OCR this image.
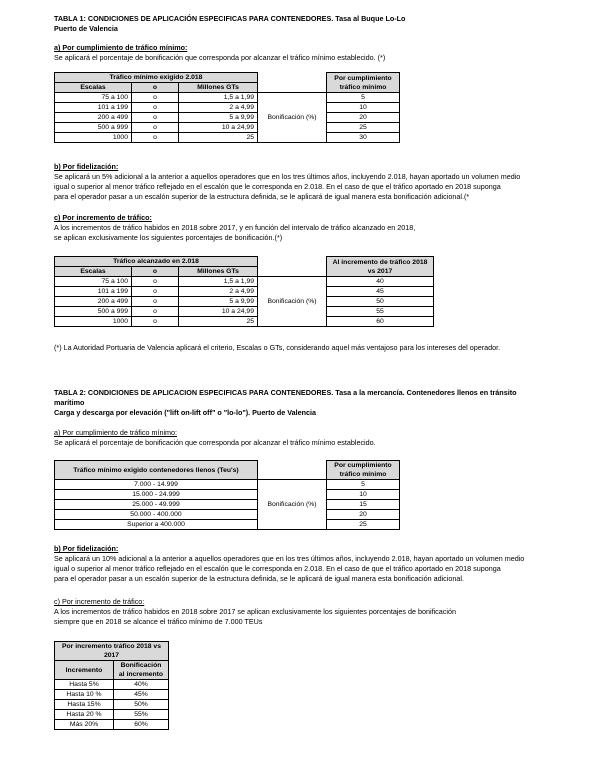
TABLA 1: CONDICIONES DE APLICACIÓN ESPECIFICAS PARA CONTENEDORES. Tasa al Buque Lo-Lo
Puerto de Valencia
a) Por cumplimiento de tráfico mínimo:
Se aplicará el porcentaje de bonificación que corresponda por alcanzar el tráfico mínimo establecido. (*)
Tráfico mínimo exigido 2.018				Por cumplimiento tráfico mínimo
Escalas	o	Millones GTs		
75 a 100	o	1,5 a 1,99	Bonificación (%)	5
101 a 199	o	2 a 4,99		10
200 a 499	o	5 a 9,99		20
500 a 999	o	10 a 24,99		25
1000	o	25		30
b) Por fidelización:
Se aplicará un 5% adicional a la anterior a aquellos operadores que en los tres últimos años, incluyendo 2.018, hayan aportado un volumen medio
igual o superior al menor tráfico reflejado en el escalón que le corresponda en 2.018. En el caso de que el tráfico aportado en 2018 suponga
para el operador pasar a un escalón superior de la estructura definida, se le aplicará de igual manera esta bonificación adicional.(*
c) Por incremento de tráfico:
A los incrementos de tráfico habidos en 2018 sobre 2017, y en función del intervalo de tráfico alcanzado en 2018,
se aplican exclusivamente los siguientes porcentajes de bonificación.(*)
Tráfico alcanzado en 2.018				Al incremento de tráfico 2018 vs 2017
Escalas	o	Millones GTs		
75 a 100	o	1,5 a 1,99	Bonificación (%)	40
101 a 199	o	2 a 4,99		45
200 a 499	o	5 a 9,99		50
500 a 999	o	10 a 24,99		55
1000	o	25		60
(*) La Autoridad Portuaria de Valencia aplicará el criterio, Escalas o GTs, considerando aquel más ventajoso para los intereses del operador.
TABLA 2: CONDICIONES DE APLICACION ESPECIFICAS PARA CONTENEDORES. Tasa a la mercancía. Contenedores llenos en tránsito
marítimo
Carga y descarga por elevación ("lift on-lift off" o "lo-lo"). Puerto de Valencia
a) Por cumplimiento de tráfico mínimo:
Se aplicará el porcentaje de bonificación que corresponda por alcanzar el tráfico mínimo establecido.
Tráfico mínimo exigido contenedores llenos (Teu's)		Por cumplimiento tráfico mínimo

7.000 - 14.999	Bonificación (%)	5
15.000 - 24.999		10
25.000 - 49.999		15
50.000 - 400.000		20
Superior a 400.000		25
b) Por fidelización:
Se aplicará un 10% adicional a la anterior a aquellos operadores que en los tres últimos años, incluyendo 2.018, hayan aportado un volumen medio
igual o superior al menor tráfico reflejado en el escalón que le corresponda en 2.018. En el caso de que el tráfico aportado en 2018 suponga
para el operador pasar a un escalón superior de la estructura definida, se le aplicará de igual manera esta bonificación adicional.
c) Por incremento de tráfico:
A los incrementos de tráfico habidos en 2018 sobre 2017 se aplican exclusivamente los siguientes porcentajes de bonificación
siempre que en 2018 se alcance el tráfico mínimo de 7.000 TEUs
Por incremento tráfico 2018 vs 2017	
Incremento	Bonificación al incremento
Hasta 5%	40%
Hasta 10 %	45%
Hasta 15%	50%
Hasta 20 %	55%
Más 20%	60%
